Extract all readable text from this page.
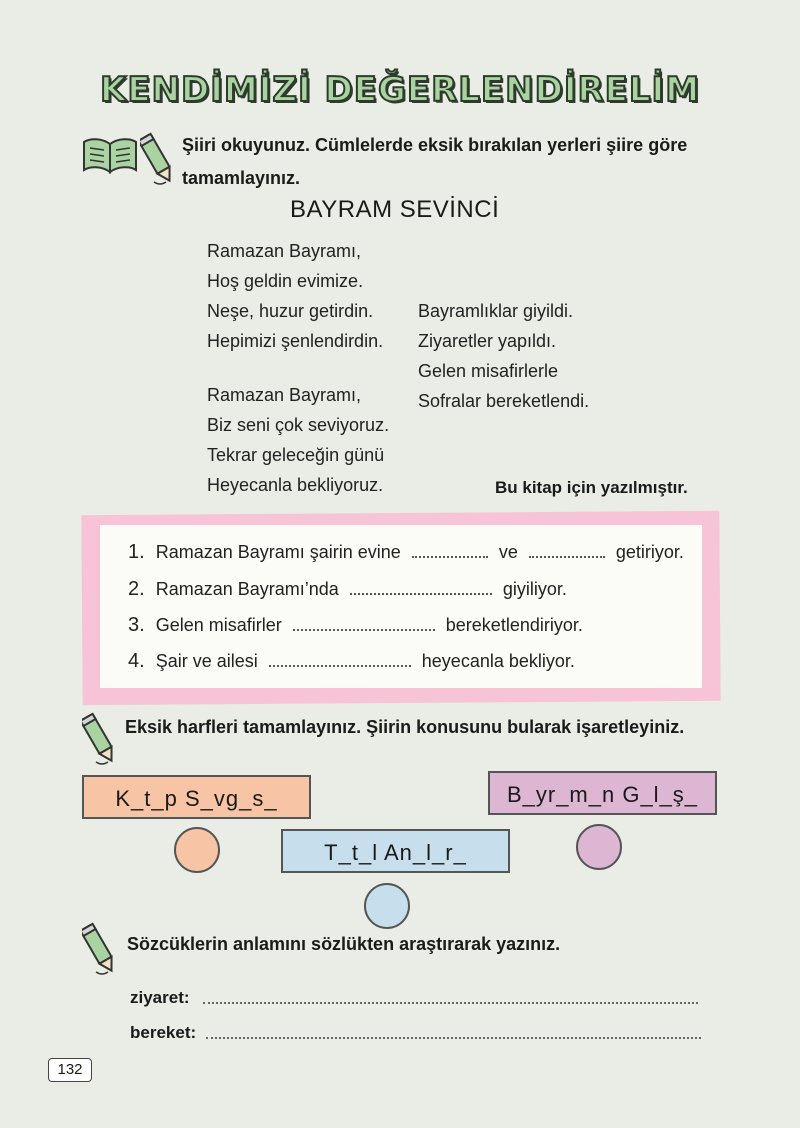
KENDİMİZİ DEĞERLENDİRELİM
Şiiri okuyunuz. Cümlelerde eksik bırakılan yerleri şiire göre
tamamlayınız.
BAYRAM SEVİNCİ
Ramazan Bayramı,
Hoş geldin evimize.
Neşe, huzur getirdin.
Hepimizi şenlendirdin.
Ramazan Bayramı,
Biz seni çok seviyoruz.
Tekrar geleceğin günü
Heyecanla bekliyoruz.
Bayramlıklar giyildi.
Ziyaretler yapıldı.
Gelen misafirlerle
Sofralar bereketlendi.
Bu kitap için yazılmıştır.
1. Ramazan Bayramı şairin evine	ve	getiriyor.
2. Ramazan Bayramı’nda	giyiliyor.
3. Gelen misafirler	bereketlendiriyor.
4. Şair ve ailesi	heyecanla bekliyor.
Eksik harfleri tamamlayınız. Şiirin konusunu bularak işaretleyiniz.
K_t_p S_vg_s_	B_yr_m_n G_l_ş_
T_t_l An_l_r_
Sözcüklerin anlamını sözlükten araştırarak yazınız.
ziyaret:
bereket:
132
